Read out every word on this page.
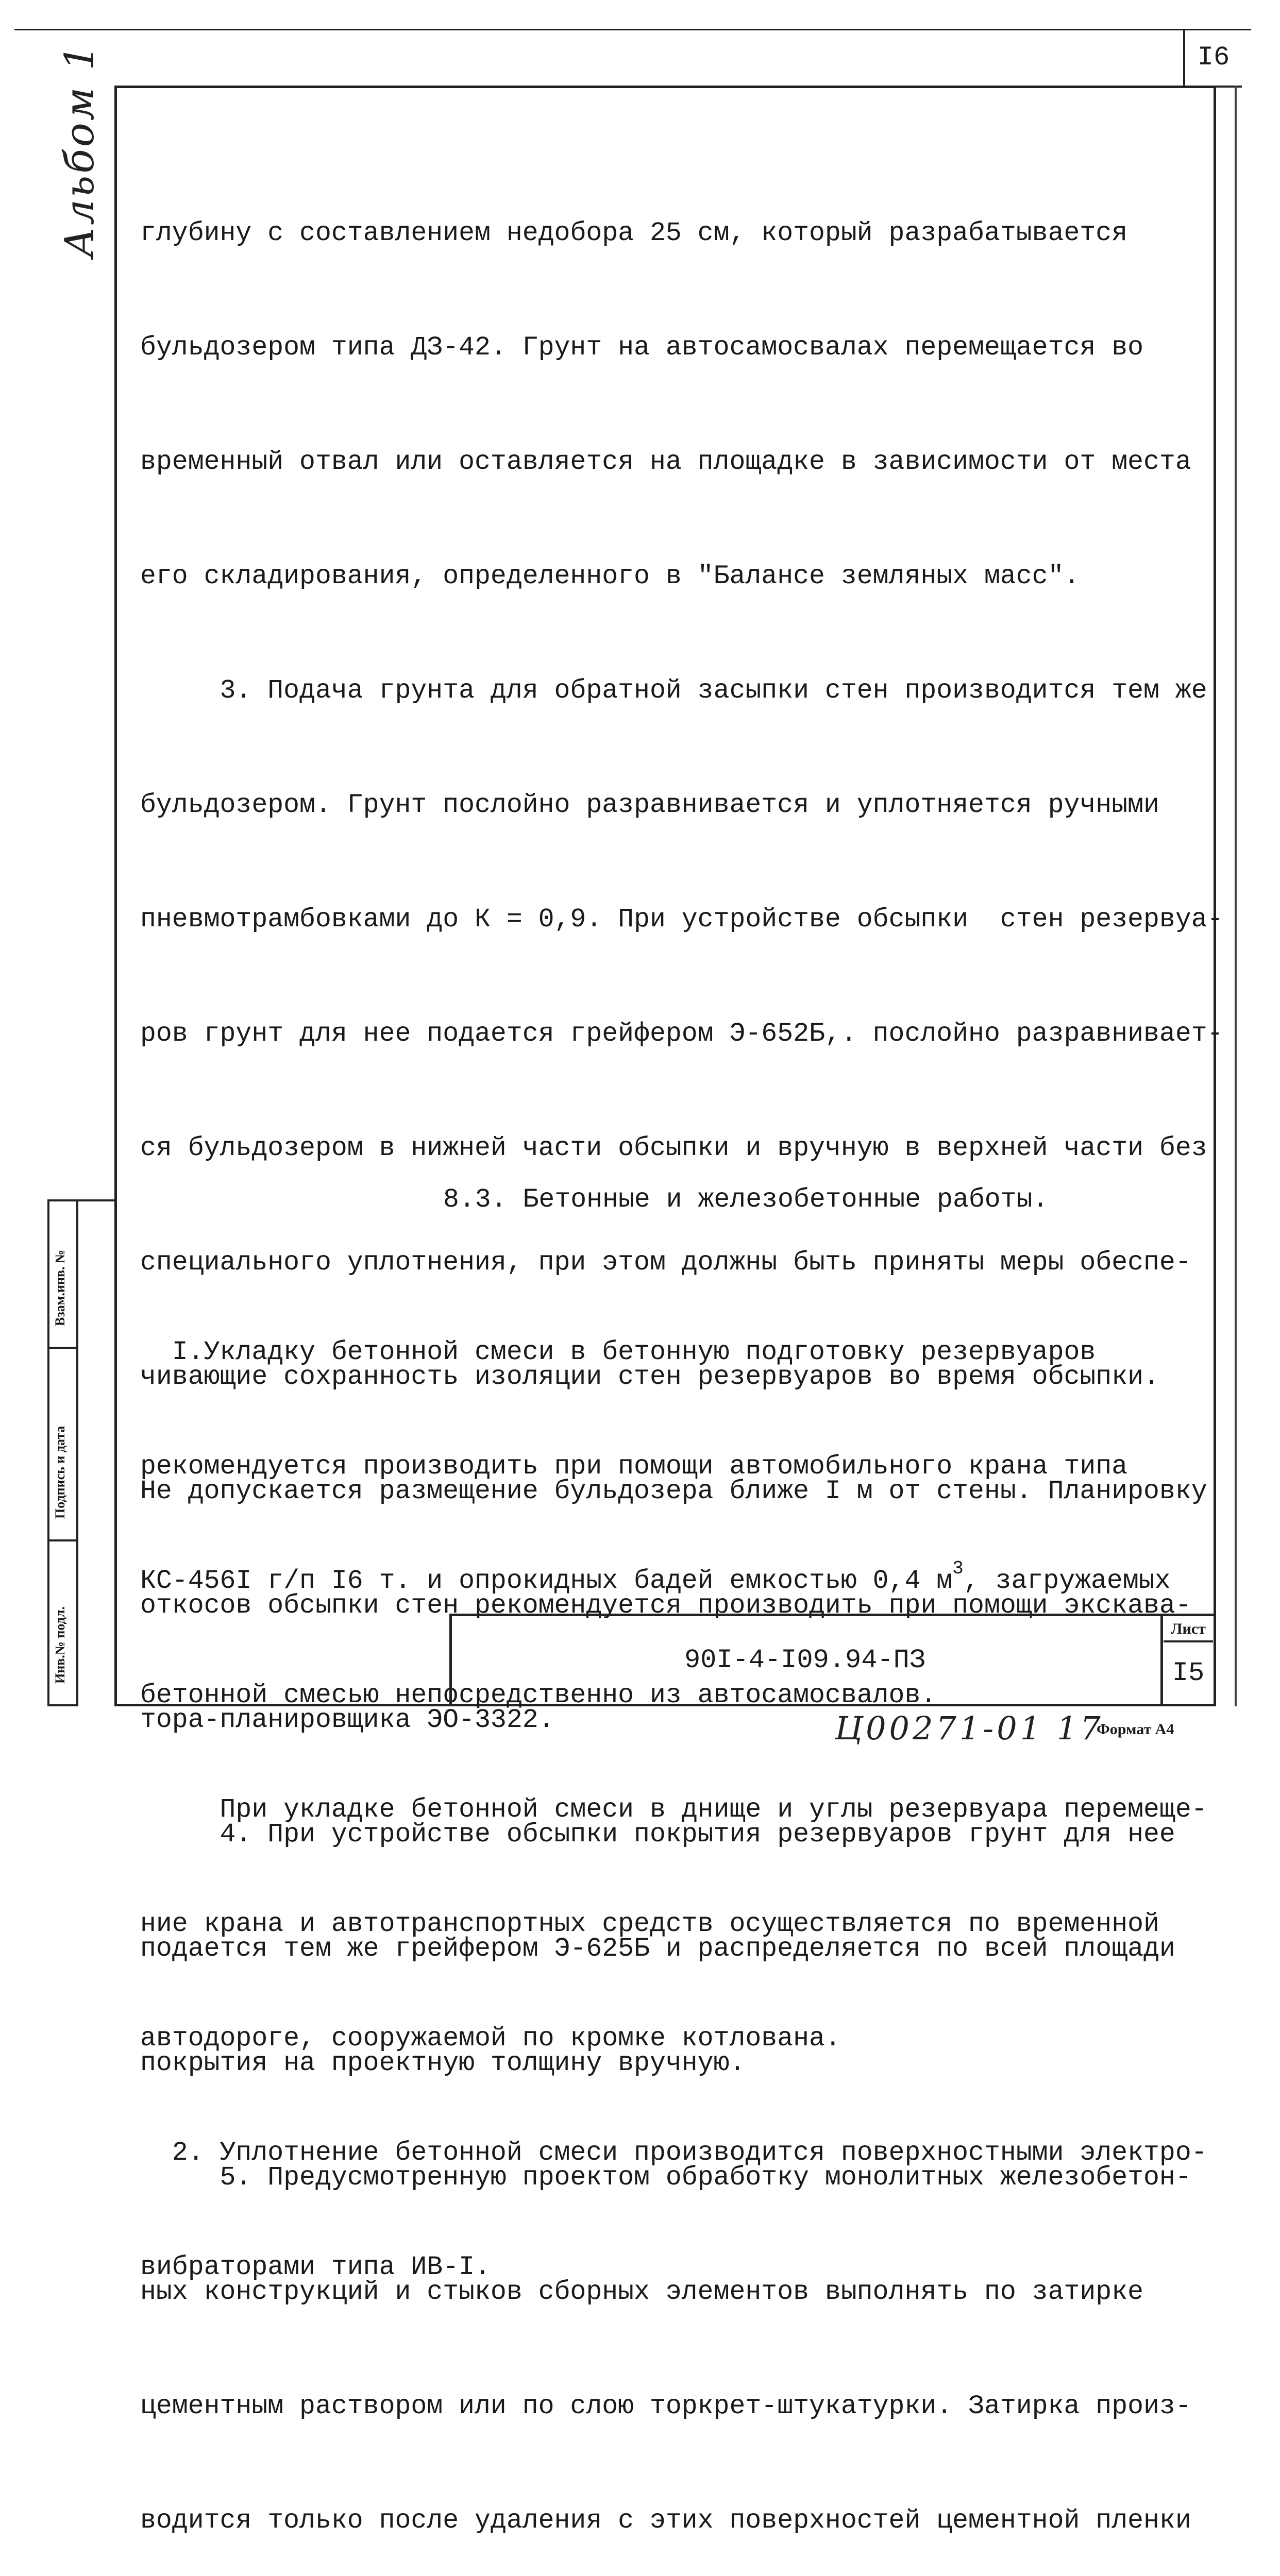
I6
Альбом 1
Взам.инв. №
Подпись и дата
Инв.№ подл.

глубину с составлением недобора 25 см, который разрабатывается

бульдозером типа ДЗ-42. Грунт на автосамосвалах перемещается во

временный отвал или оставляется на площадке в зависимости от места

его складирования, определенного в "Балансе земляных масс".

3. Подача грунта для обратной засыпки стен производится тем же

бульдозером. Грунт послойно разравнивается и уплотняется ручными

пневмотрамбовками до К = 0,9. При устройстве обсыпки  стен резервуа-

ров грунт для нее подается грейфером Э-652Б,. послойно разравнивает-

ся бульдозером в нижней части обсыпки и вручную в верхней части без

специального уплотнения, при этом должны быть приняты меры обеспе-

чивающие сохранность изоляции стен резервуаров во время обсыпки.

Не допускается размещение бульдозера ближе I м от стены. Планировку

откосов обсыпки стен рекомендуется производить при помощи экскава-

тора-планировщика ЭО-3322.

4. При устройстве обсыпки покрытия резервуаров грунт для нее

подается тем же грейфером Э-625Б и распределяется по всей площади

покрытия на проектную толщину вручную.

5. Предусмотренную проектом обработку монолитных железобетон-

ных конструкций и стыков сборных элементов выполнять по затирке

цементным раствором или по слою торкрет-штукатурки. Затирка произ-

водится только после удаления с этих поверхностей цементной пленки

8.3. Бетонные и железобетонные работы.

I.Укладку бетонной смеси в бетонную подготовку резервуаров

рекомендуется производить при помощи автомобильного крана типа

КС-456I г/п I6 т. и опрокидных бадей емкостью 0,4 $м^3$, загружаемых

бетонной смесью непосредственно из автосамосвалов.

При укладке бетонной смеси в днище и углы резервуара перемеще-

ние крана и автотранспортных средств осуществляется по временной

автодороге, сооружаемой по кромке котлована.

2. Уплотнение бетонной смеси производится поверхностными электро-

вибраторами типа ИВ-I.

90I-4-I09.94-ПЗ
Лист
I5
Ц00271-01 17
Формат А4
